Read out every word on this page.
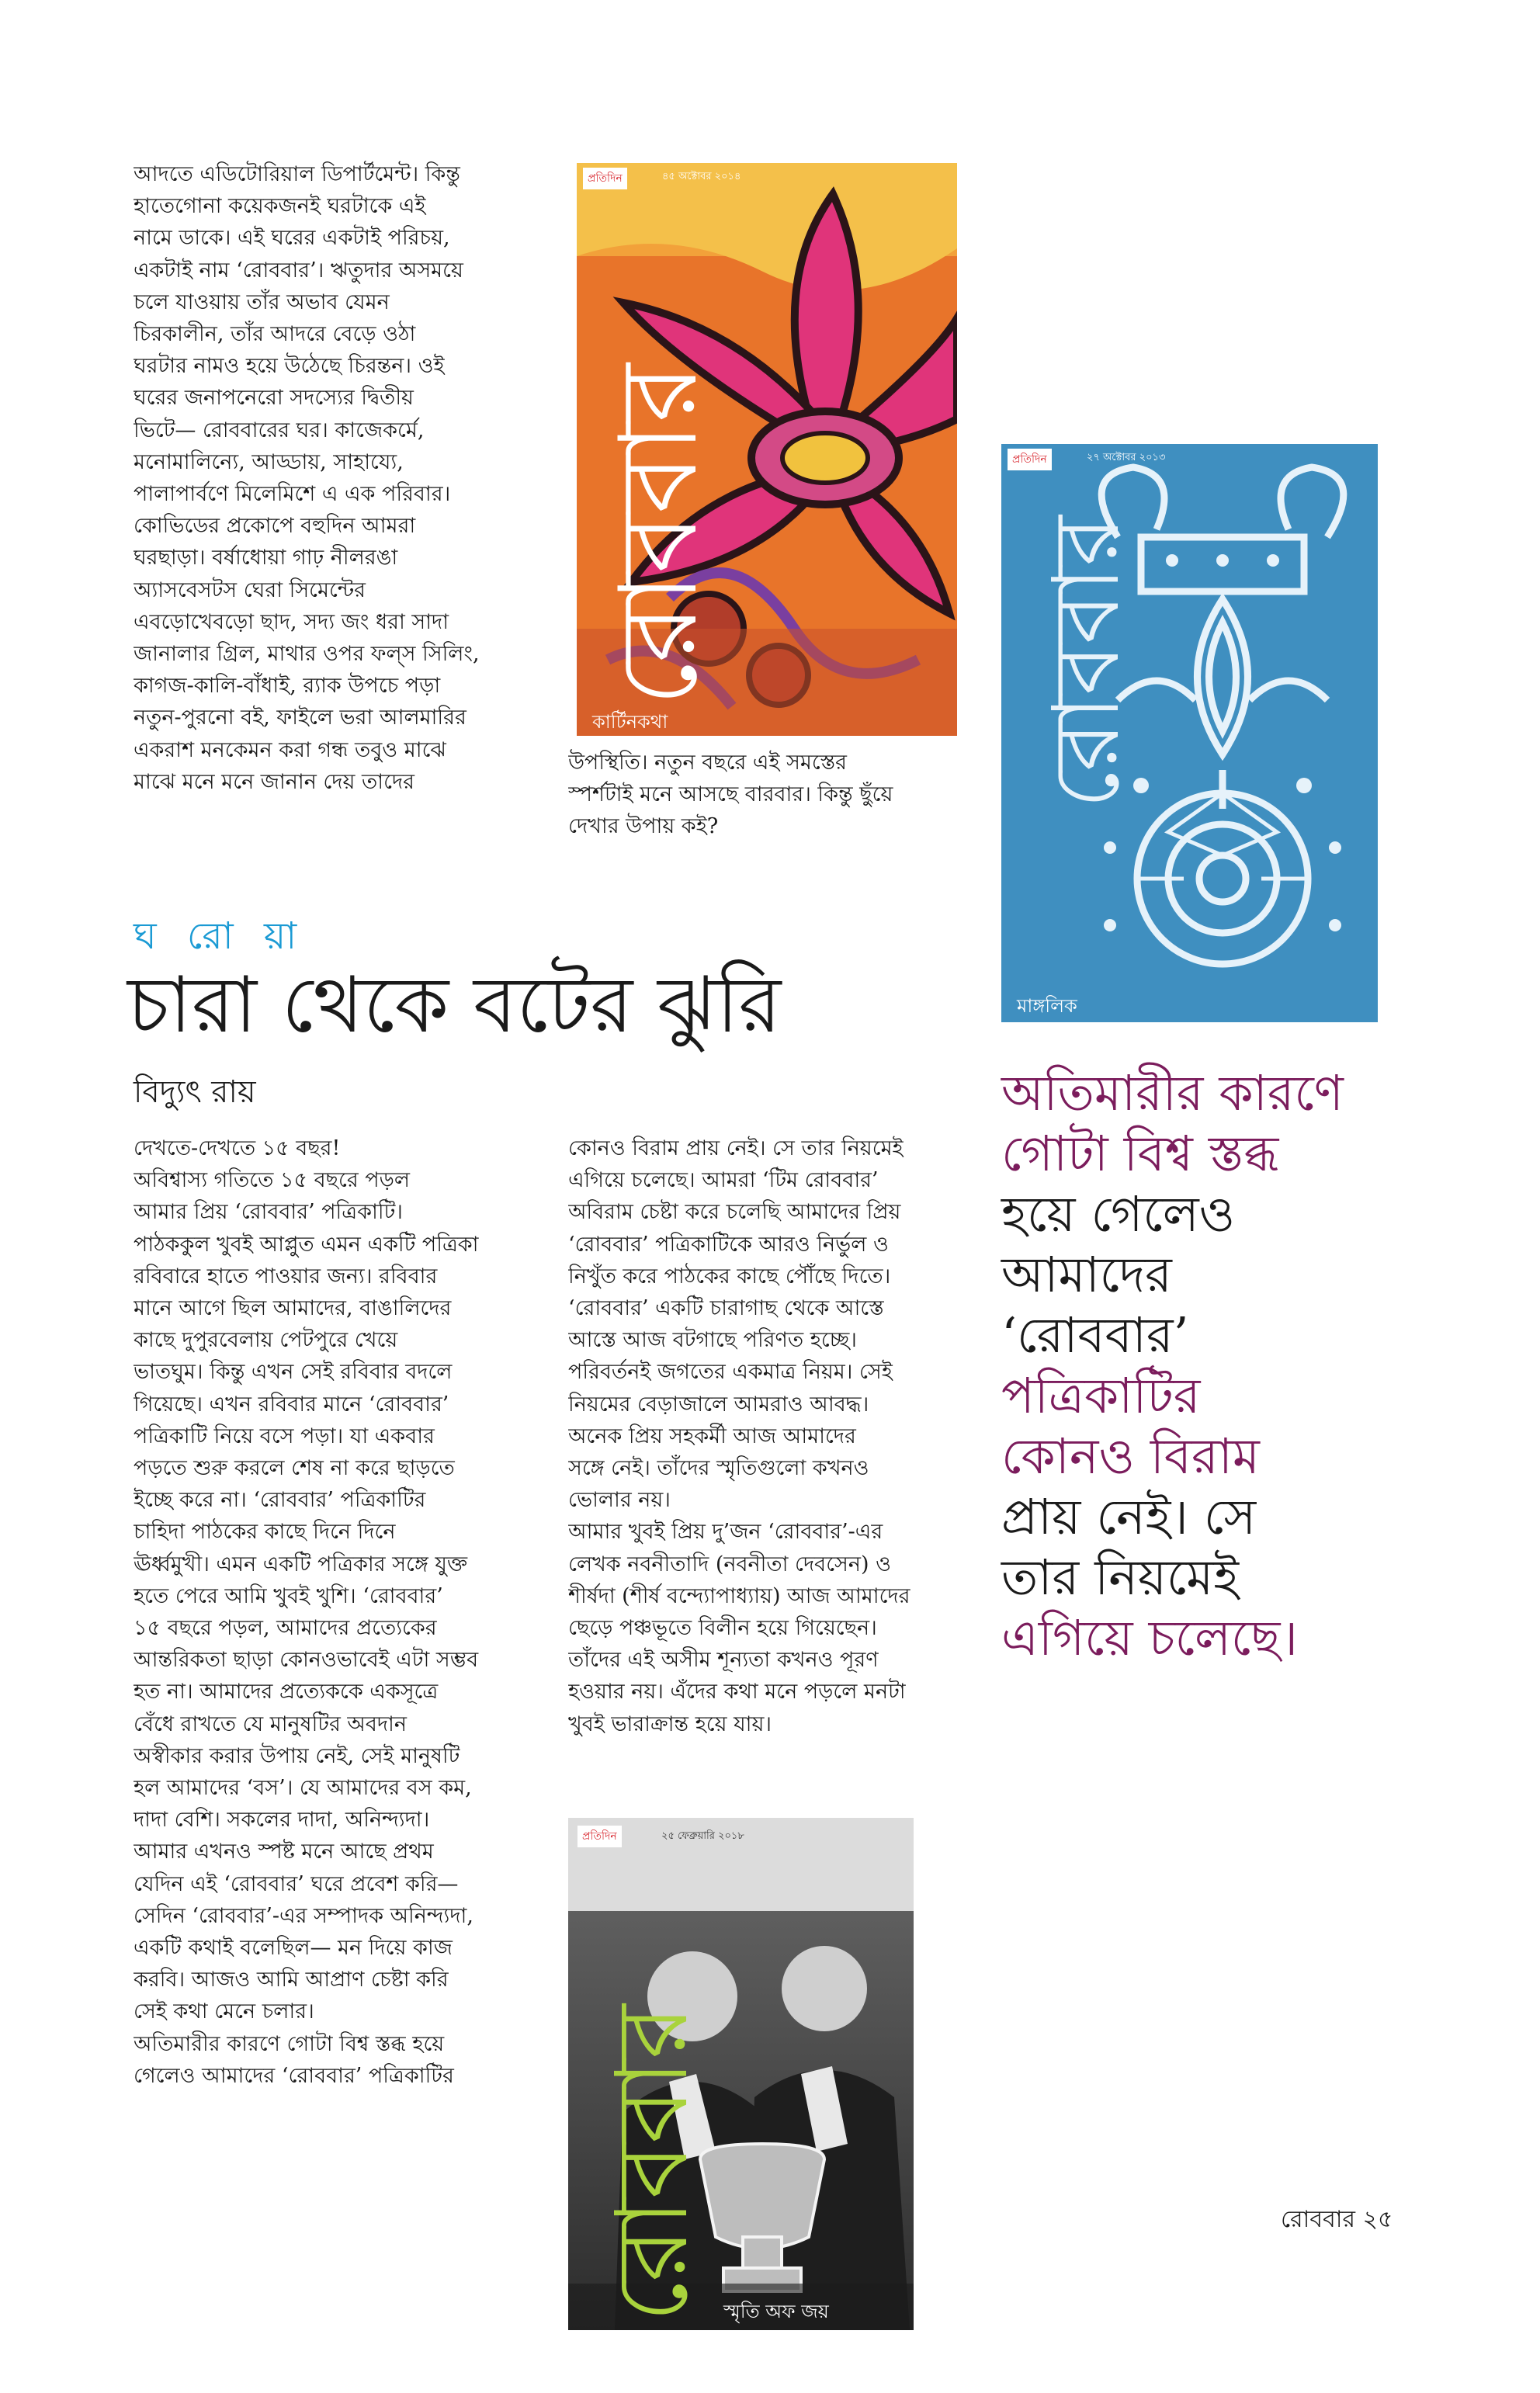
আদতে এডিটোরিয়াল ডিপার্টমেন্ট। কিন্তু
হাতেগোনা কয়েকজনই ঘরটাকে এই
নামে ডাকে। এই ঘরের একটাই পরিচয়,
একটাই নাম ‘রোববার’। ঋতুদার অসময়ে
চলে যাওয়ায় তাঁর অভাব যেমন
চিরকালীন, তাঁর আদরে বেড়ে ওঠা
ঘরটার নামও হয়ে উঠেছে চিরন্তন। ওই
ঘরের জনাপনেরো সদস্যের দ্বিতীয়
ভিটে— রোববারের ঘর। কাজেকর্মে,
মনোমালিন্যে, আড্ডায়, সাহায্যে,
পালাপার্বণে মিলেমিশে এ এক পরিবার।
কোভিডের প্রকোপে বহুদিন আমরা
ঘরছাড়া। বর্ষাধোয়া গাঢ় নীলরঙা
অ্যাসবেসটস ঘেরা সিমেন্টের
এবড়োখেবড়ো ছাদ, সদ্য জং ধরা সাদা
জানালার গ্রিল, মাথার ওপর ফল্‌স সিলিং,
কাগজ-কালি-বাঁধাই, র‌্যাক উপচে পড়া
নতুন-পুরনো বই, ফাইলে ভরা আলমারির
একরাশ মনকেমন করা গন্ধ তবুও মাঝে
মাঝে মনে মনে জানান দেয় তাদের
প্রতিদিন	৪৫ অক্টোবর ২০১৪
রোববার
কার্টিনকথা
প্রতিদিন	২৭ অক্টোবর ২০১৩
রোববার
মাঙ্গলিক
ঘ রো য়া
চারা থেকে বটের ঝুরি
বিদ্যুৎ রায়
উপস্থিতি। নতুন বছরে এই সমস্তের
স্পর্শটাই মনে আসছে বারবার। কিন্তু ছুঁয়ে
দেখার উপায় কই?
দেখতে-দেখতে ১৫ বছর!
অবিশ্বাস্য গতিতে ১৫ বছরে পড়ল
আমার প্রিয় ‘রোববার’ পত্রিকাটি।
পাঠককুল খুবই আপ্লুত এমন একটি পত্রিকা
রবিবারে হাতে পাওয়ার জন্য। রবিবার
মানে আগে ছিল আমাদের, বাঙালিদের
কাছে দুপুরবেলায় পেটপুরে খেয়ে
ভাতঘুম। কিন্তু এখন সেই রবিবার বদলে
গিয়েছে। এখন রবিবার মানে ‘রোববার’
পত্রিকাটি নিয়ে বসে পড়া। যা একবার
পড়তে শুরু করলে শেষ না করে ছাড়তে
ইচ্ছে করে না। ‘রোববার’ পত্রিকাটির
চাহিদা পাঠকের কাছে দিনে দিনে
ঊর্ধ্বমুখী। এমন একটি পত্রিকার সঙ্গে যুক্ত
হতে পেরে আমি খুবই খুশি। ‘রোববার’
১৫ বছরে পড়ল, আমাদের প্রত্যেকের
আন্তরিকতা ছাড়া কোনওভাবেই এটা সম্ভব
হত না। আমাদের প্রত্যেককে একসূত্রে
বেঁধে রাখতে যে মানুষটির অবদান
অস্বীকার করার উপায় নেই, সেই মানুষটি
হল আমাদের ‘বস’। যে আমাদের বস কম,
দাদা বেশি। সকলের দাদা, অনিন্দ্যদা।
আমার এখনও স্পষ্ট মনে আছে প্রথম
যেদিন এই ‘রোববার’ ঘরে প্রবেশ করি—
সেদিন ‘রোববার’-এর সম্পাদক অনিন্দ্যদা,
একটি কথাই বলেছিল— মন দিয়ে কাজ
করবি। আজও আমি আপ্রাণ চেষ্টা করি
সেই কথা মেনে চলার।
অতিমারীর কারণে গোটা বিশ্ব স্তব্ধ হয়ে
গেলেও আমাদের ‘রোববার’ পত্রিকাটির
কোনও বিরাম প্রায় নেই। সে তার নিয়মেই
এগিয়ে চলেছে। আমরা ‘টিম রোববার’
অবিরাম চেষ্টা করে চলেছি আমাদের প্রিয়
‘রোববার’ পত্রিকাটিকে আরও নির্ভুল ও
নিখুঁত করে পাঠকের কাছে পৌঁছে দিতে।
‘রোববার’ একটি চারাগাছ থেকে আস্তে
আস্তে আজ বটগাছে পরিণত হচ্ছে।
পরিবর্তনই জগতের একমাত্র নিয়ম। সেই
নিয়মের বেড়াজালে আমরাও আবদ্ধ।
অনেক প্রিয় সহকর্মী আজ আমাদের
সঙ্গে নেই। তাঁদের স্মৃতিগুলো কখনও
ভোলার নয়।
আমার খুবই প্রিয় দু’জন ‘রোববার’-এর
লেখক নবনীতাদি (নবনীতা দেবসেন) ও
শীর্ষদা (শীর্ষ বন্দ্যোপাধ্যায়) আজ আমাদের
ছেড়ে পঞ্চভূতে বিলীন হয়ে গিয়েছেন।
তাঁদের এই অসীম শূন্যতা কখনও পূরণ
হওয়ার নয়। এঁদের কথা মনে পড়লে মনটা
খুবই ভারাক্রান্ত হয়ে যায়।
অতিমারীর কারণে
গোটা বিশ্ব স্তব্ধ
হয়ে গেলেও
আমাদের
‘রোববার’
পত্রিকাটির
কোনও বিরাম
প্রায় নেই। সে
তার নিয়মেই
এগিয়ে চলেছে।
প্রতিদিন	২৫ ফেব্রুয়ারি ২০১৮
রোববার স্মৃতি অফ জয়
রোববার ২৫
